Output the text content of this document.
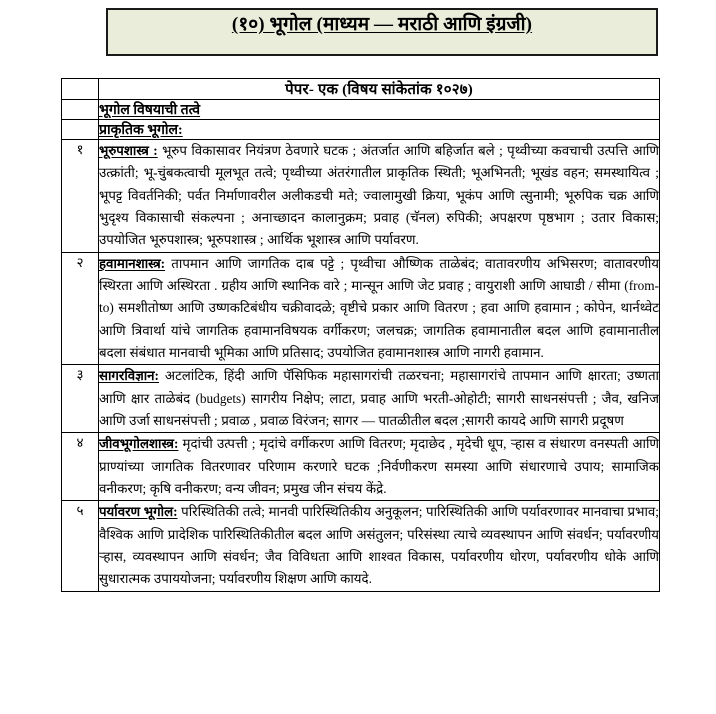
(१०) भूगोल (माध्यम — मराठी आणि इंग्रजी)
	पेपर- एक (विषय सांकेतांक १०२७)
	भूगोल विषयाची तत्वे
	प्राकृतिक भूगोल:
१	भूरुपशास्त्र : भूरुप विकासावर नियंत्रण ठेवणारे घटक ; अंतर्जात आणि बहिर्जात बले ; पृथ्वीच्या कवचाची उत्पत्ति आणि उत्क्रांती; भू-चुंबकत्वाची मूलभूत तत्वे; पृथ्वीच्या अंतरंगातील प्राकृतिक स्थिती; भूअभिनती; भूखंड वहन; समस्थायित्व ; भूपट्ट विवर्तनिकी; पर्वत निर्माणावरील अलीकडची मते; ज्वालामुखी क्रिया, भूकंप आणि त्सुनामी; भूरुपिक चक्र आणि भुदृश्य विकासाची संकल्पना ; अनाच्छादन कालानुक्रम; प्रवाह (चॅनल) रुपिकी; अपक्षरण पृष्ठभाग ; उतार विकास; उपयोजित भूरुपशास्त्र; भूरुपशास्त्र ; आर्थिक भूशास्त्र आणि पर्यावरण.
२	हवामानशास्त्र: तापमान आणि जागतिक दाब पट्टे ; पृथ्वीचा औष्णिक ताळेबंद; वातावरणीय अभिसरण; वातावरणीय स्थिरता आणि अस्थिरता . ग्रहीय आणि स्थानिक वारे ; मान्सून आणि जेट प्रवाह ; वायुराशी आणि आघाडी / सीमा (from-to) समशीतोष्ण आणि उष्णकटिबंधीय चक्रीवादळे; वृष्टीचे प्रकार आणि वितरण ; हवा आणि हवामान ; कोपेन, थार्नथ्वेट आणि त्रिवार्था यांचे जागतिक हवामानविषयक वर्गीकरण; जलचक्र; जागतिक हवामानातील बदल आणि हवामानातील बदला संबंधात मानवाची भूमिका आणि प्रतिसाद; उपयोजित हवामानशास्त्र आणि नागरी हवामान.
३	सागरविज्ञान: अटलांटिक, हिंदी आणि पॅसिफिक महासागरांची तळरचना; महासागरांचे तापमान आणि क्षारता; उष्णता आणि क्षार ताळेबंद (budgets) सागरीय निक्षेप; लाटा, प्रवाह आणि भरती-ओहोटी; सागरी साधनसंपत्ती ; जैव, खनिज आणि उर्जा साधनसंपत्ती ; प्रवाळ , प्रवाळ विरंजन; सागर — पातळीतील बदल ;सागरी कायदे आणि सागरी प्रदूषण
४	जीवभूगोलशास्त्र: मृदांची उत्पत्ती ; मृदांचे वर्गीकरण आणि वितरण; मृदाछेद , मृदेची धूप, ऱ्हास व संधारण वनस्पती आणि प्राण्यांच्या जागतिक वितरणावर परिणाम करणारे घटक ;निर्वणीकरण समस्या आणि संधारणाचे उपाय; सामाजिक वनीकरण; कृषि वनीकरण; वन्य जीवन; प्रमुख जीन संचय केंद्रे.
५	पर्यावरण भूगोल: परिस्थितिकी तत्वे; मानवी पारिस्थितिकीय अनुकूलन; पारिस्थितिकी आणि पर्यावरणावर मानवाचा प्रभाव; वैश्विक आणि प्रादेशिक पारिस्थितिकीतील बदल आणि असंतुलन; परिसंस्था त्याचे व्यवस्थापन आणि संवर्धन; पर्यावरणीय ऱ्हास, व्यवस्थापन आणि संवर्धन; जैव विविधता आणि शाश्वत विकास, पर्यावरणीय धोरण, पर्यावरणीय धोके आणि सुधारात्मक उपाययोजना; पर्यावरणीय शिक्षण आणि कायदे.
